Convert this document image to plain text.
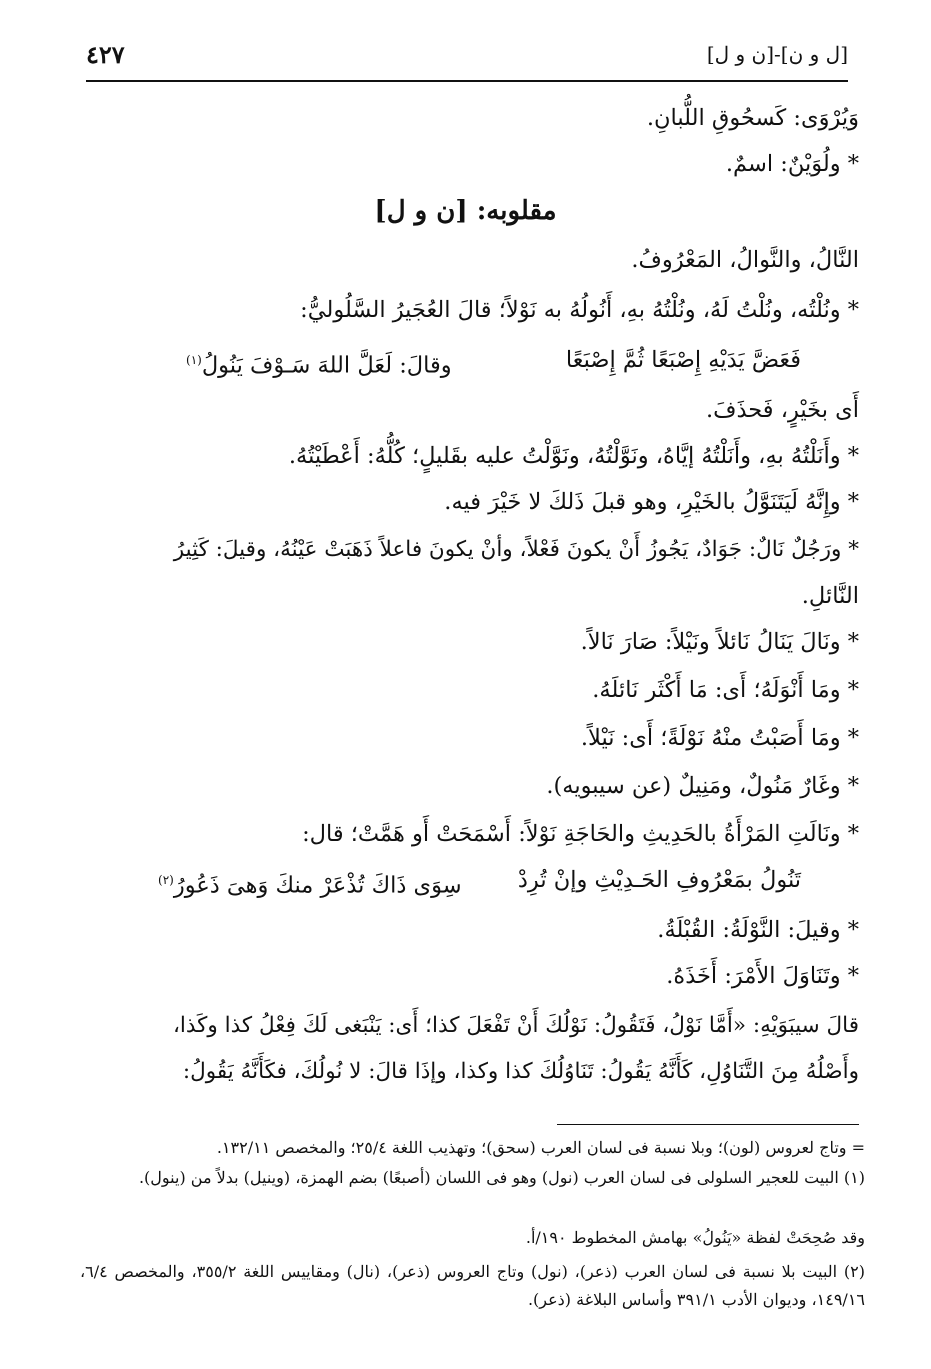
[ل و ن]-[ن و ل]
٤٢٧
وَيُرْوَى: كَسحُوقِ اللُّبانِ.
* ولُوَيْنٌ: اسمٌ.
مقلوبه: [ن و ل]
النَّالُ، والنَّوالُ، المَعْرُوفُ.
* ونُلْتُه، ونُلْتُ لَهُ، ونُلْتُهُ بهِ، أَنُولُهُ به نَوْلاً؛ قالَ العُجَيرُ السَّلُوليُّ:
فَعَضَّ يَدَيْهِ إِصْبَعًا ثُمَّ إِصْبَعًا
وقالَ: لَعَلَّ اللهَ سَـوْفَ يَنُولُ$^{(١)}$
أَى بخَيْرٍ، فَحذَفَ.
* وأَنَلْتُهُ بهِ، وأَنَلْتُهُ إيَّاهُ، ونَوَّلْتُهُ، ونَوَّلْتُ عليه بقَليلٍ؛ كُلُّهُ: أَعْطَيْتُهُ.
* وإِنَّهُ لَيَتَنَوَّلُ بالخَيْرِ، وهو قبلَ ذَلكَ لا خَيْرَ فيه.
* ورَجُلٌ نَالٌ: جَوَادٌ، يَجُوزُ أَنْ يكونَ فَعْلاً، وأنْ يكونَ فاعلاً ذَهَبَتْ عَيْنُهُ، وقيلَ: كَثِيرُ
النَّائلِ.
* ونَالَ يَنَالُ نَائلاً ونَيْلاً: صَارَ نَالاً.
* ومَا أَنْوَلَهُ؛ أَى: مَا أَكْثَر نَائلَهُ.
* ومَا أَصَبْتُ منْهُ نَوْلَةً؛ أَى: نَيْلاً.
* وغَارٌ مَنُولٌ، ومَنِيلٌ (عن سيبويه).
* ونَالَتِ المَرْأَةُ بالحَدِيثِ والحَاجَةِ نَوْلاً: أَسْمَحَتْ أَو هَمَّتْ؛ قال:
تَنُولُ بمَعْرُوفِ الحَـدِيْثِ وإنْ تُرِدْ
سِوَى ذَاكَ تُذْعَرْ منكَ وَهىَ ذَعُورُ$^{(٢)}$
* وقيلَ: النَّوْلَةُ: القُبْلَةُ.
* وتَنَاوَلَ الأَمْرَ: أَخَذَهُ.
قالَ سيبَوَيْهِ: «أَمَّا نَوْلُ، فَتَقُولُ: نَوْلُكَ أَنْ تَفْعَلَ كذا؛ أَى: يَنْبَغى لَكَ فِعْلُ كذا وكَذا،
وأَصْلُهُ مِنَ التَّنَاوُلِ، كَأَنَّهُ يَقُولُ: تَنَاوُلُكَ كذا وكذا، وإذَا قالَ: لا نُولُكَ، فكَأَنَّهُ يَقُولُ:
= وتاج لعروس (لون)؛ وبلا نسبة فى لسان العرب (سحق)؛ وتهذيب اللغة ٢٥/٤؛ والمخصص ١٣٢/١١.
(١) البيت للعجير السلولى فى لسان العرب (نول) وهو فى اللسان (أصبعًا) بضم الهمزة، (وينيل) بدلاً من (ينول).
وقد صُحِحَتْ لفظة «يَنُولُ» بهامش المخطوط ١٩٠/أ.
(٢) البيت بلا نسبة فى لسان العرب (ذعر)، (نول) وتاج العروس (ذعر)، (نال) ومقاييس اللغة ٣٥٥/٢، والمخصص ٦/٤، ١٤٩/١٦، وديوان الأدب ٣٩١/١ وأساس البلاغة (ذعر).
